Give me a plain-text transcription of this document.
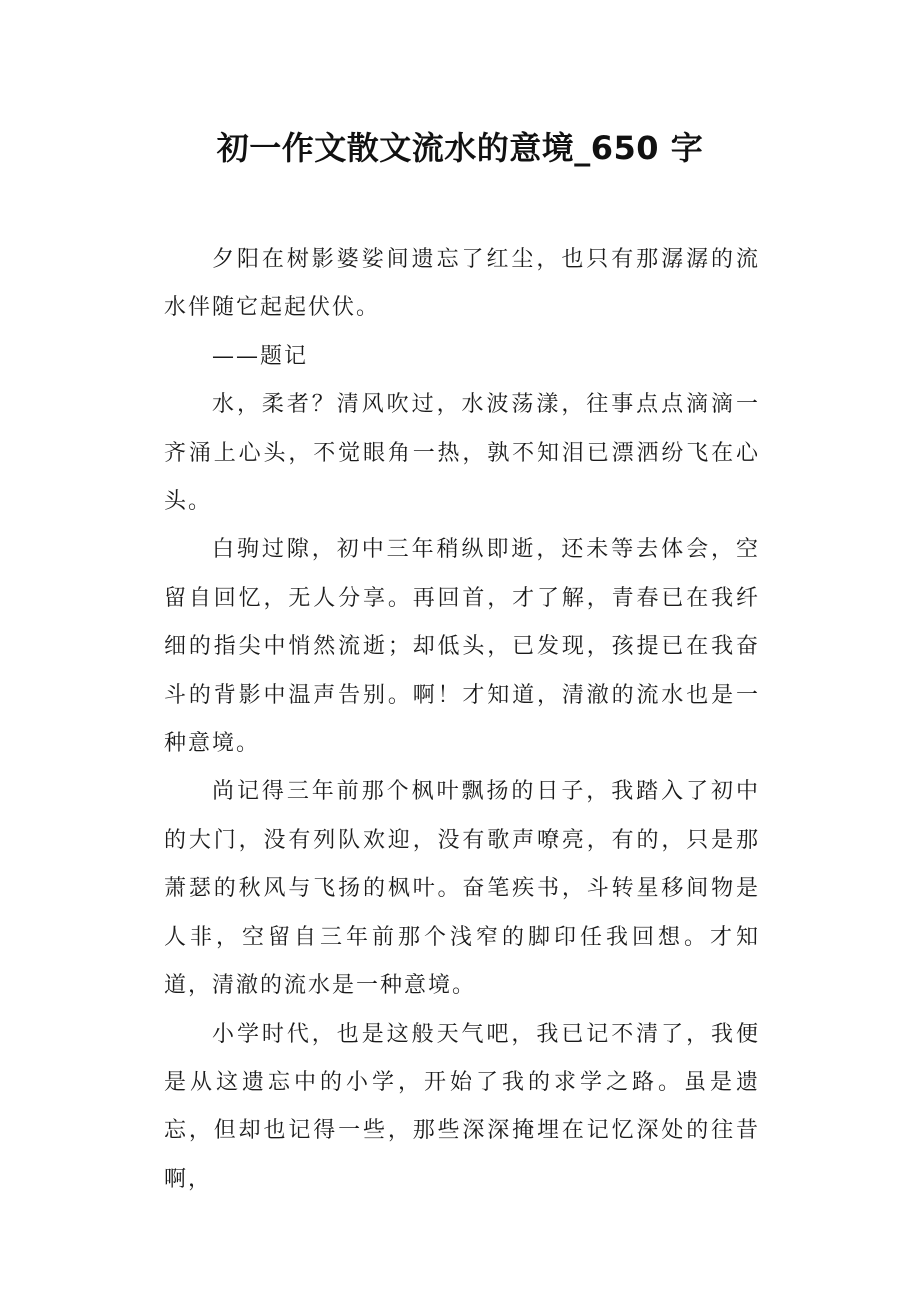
初一作文散文流水的意境_650 字

夕阳在树影婆娑间遗忘了红尘，也只有那潺潺的流水伴随它起起伏伏。

——题记

水，柔者？清风吹过，水波荡漾，往事点点滴滴一齐涌上心头，不觉眼角一热，孰不知泪已漂洒纷飞在心头。

白驹过隙，初中三年稍纵即逝，还未等去体会，空留自回忆，无人分享。再回首，才了解，青春已在我纤细的指尖中悄然流逝；却低头，已发现，孩提已在我奋斗的背影中温声告别。啊！才知道，清澈的流水也是一种意境。

尚记得三年前那个枫叶飘扬的日子，我踏入了初中的大门，没有列队欢迎，没有歌声嘹亮，有的，只是那萧瑟的秋风与飞扬的枫叶。奋笔疾书，斗转星移间物是人非，空留自三年前那个浅窄的脚印任我回想。才知道，清澈的流水是一种意境。

小学时代，也是这般天气吧，我已记不清了，我便是从这遗忘中的小学，开始了我的求学之路。虽是遗忘，但却也记得一些，那些深深掩埋在记忆深处的往昔啊，
